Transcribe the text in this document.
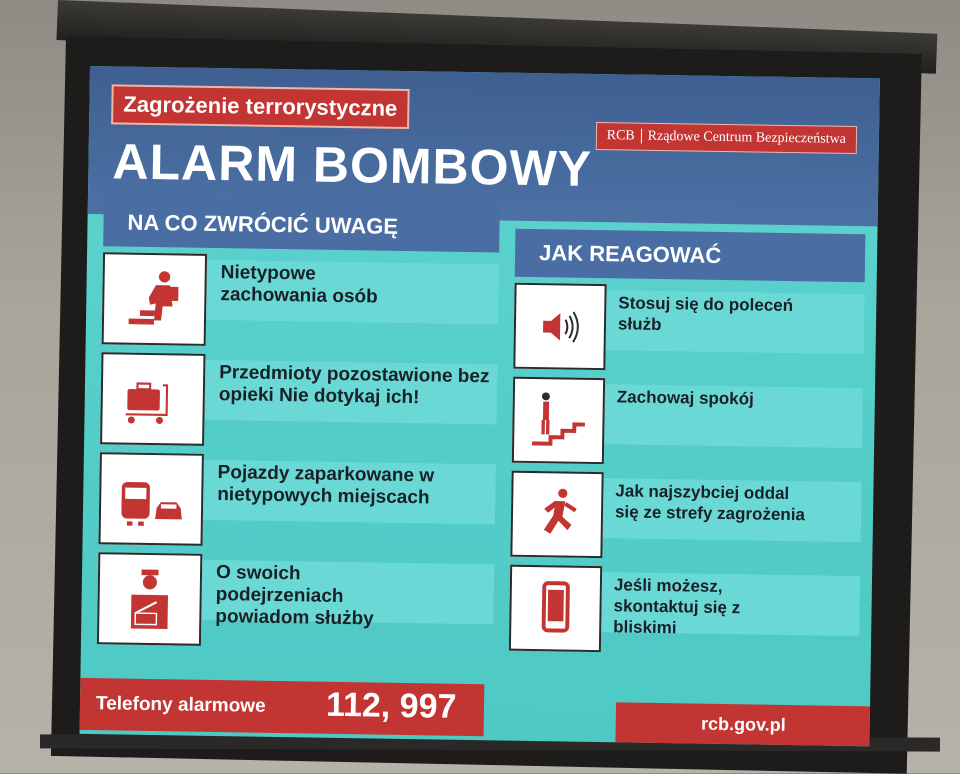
Zagrożenie terrorystyczne
RCB Rządowe Centrum Bezpieczeństwa
ALARM BOMBOWY
NA CO ZWRÓCIĆ UWAGĘ
Nietypowe zachowania osób
Przedmioty pozostawione bez opieki Nie dotykaj ich!
Pojazdy zaparkowane w nietypowych miejscach
O swoich podejrzeniach powiadom służby
JAK REAGOWAĆ
Stosuj się do poleceń służb
Zachowaj spokój
Jak najszybciej oddal się ze strefy zagrożenia
Jeśli możesz, skontaktuj się z bliskimi
Telefony alarmowe 112, 997	rcb.gov.pl
